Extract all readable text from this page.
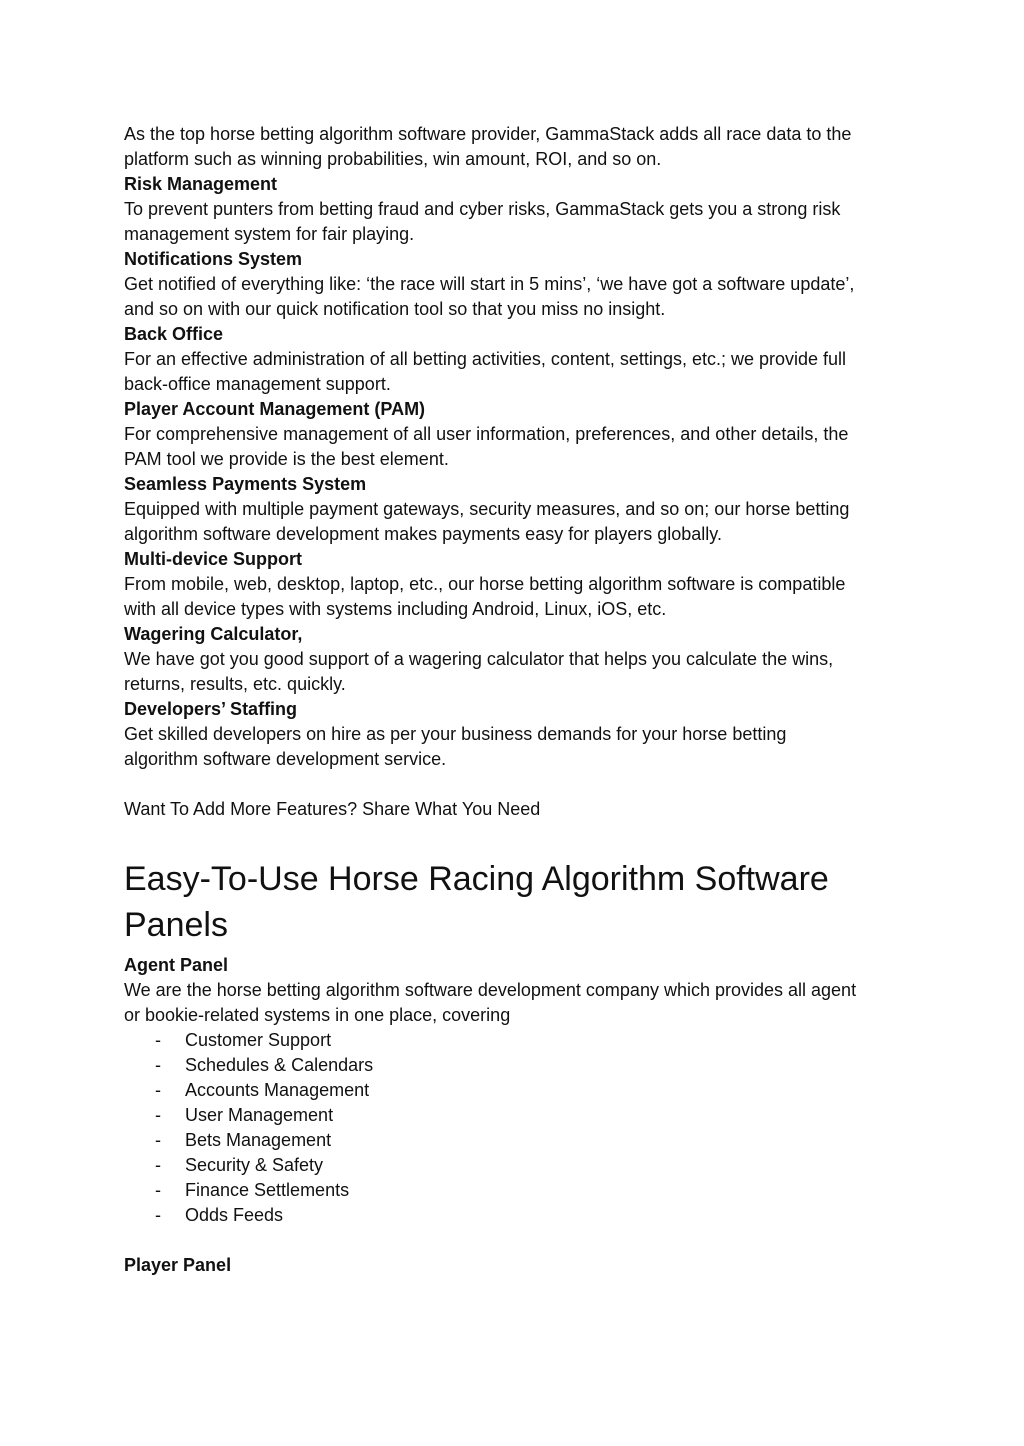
As the top horse betting algorithm software provider, GammaStack adds all race data to the

platform such as winning probabilities, win amount, ROI, and so on.

Risk Management

To prevent punters from betting fraud and cyber risks, GammaStack gets you a strong risk

management system for fair playing.

Notifications System

Get notified of everything like: ‘the race will start in 5 mins’, ‘we have got a software update’,

and so on with our quick notification tool so that you miss no insight.

Back Office

For an effective administration of all betting activities, content, settings, etc.; we provide full

back-office management support.

Player Account Management (PAM)

For comprehensive management of all user information, preferences, and other details, the

PAM tool we provide is the best element.

Seamless Payments System

Equipped with multiple payment gateways, security measures, and so on; our horse betting

algorithm software development makes payments easy for players globally.

Multi-device Support

From mobile, web, desktop, laptop, etc., our horse betting algorithm software is compatible

with all device types with systems including Android, Linux, iOS, etc.

Wagering Calculator,

We have got you good support of a wagering calculator that helps you calculate the wins,

returns, results, etc. quickly.

Developers’ Staffing

Get skilled developers on hire as per your business demands for your horse betting

algorithm software development service.

Want To Add More Features? Share What You Need

Easy-To-Use Horse Racing Algorithm Software
Panels

Agent Panel

We are the horse betting algorithm software development company which provides all agent

or bookie-related systems in one place, covering

- Customer Support
- Schedules & Calendars
- Accounts Management
- User Management
- Bets Management
- Security & Safety
- Finance Settlements
- Odds Feeds

Player Panel
